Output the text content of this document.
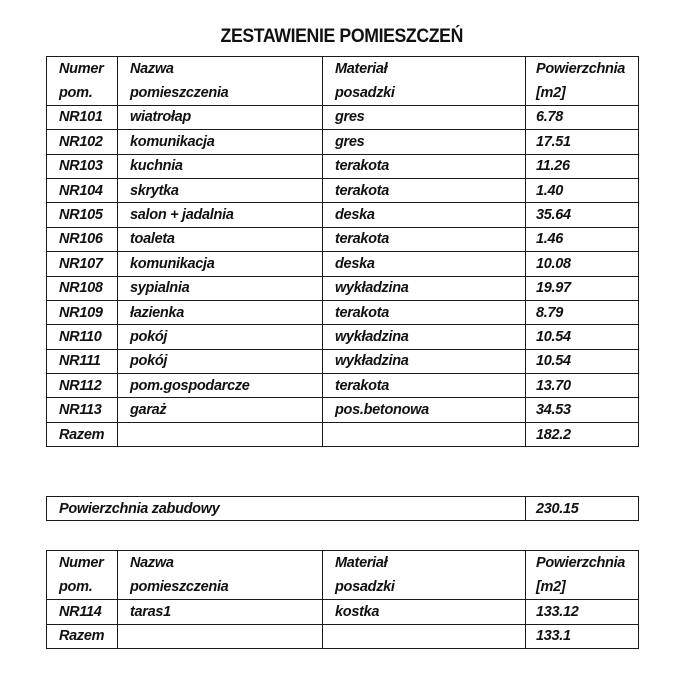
ZESTAWIENIE POMIESZCZEŃ
Numer	Nazwa	Materiał	Powierzchnia
pom.	pomieszczenia	posadzki	[m2]
NR101	wiatrołap	gres	6.78
NR102	komunikacja	gres	17.51
NR103	kuchnia	terakota	11.26
NR104	skrytka	terakota	1.40
NR105	salon + jadalnia	deska	35.64
NR106	toaleta	terakota	1.46
NR107	komunikacja	deska	10.08
NR108	sypialnia	wykładzina	19.97
NR109	łazienka	terakota	8.79
NR110	pokój	wykładzina	10.54
NR111	pokój	wykładzina	10.54
NR112	pom.gospodarcze	terakota	13.70
NR113	garaż	pos.betonowa	34.53
Razem			182.2
Powierzchnia zabudowy	230.15
Numer	Nazwa	Materiał	Powierzchnia
pom.	pomieszczenia	posadzki	[m2]
NR114	taras1	kostka	133.12
Razem			133.1
